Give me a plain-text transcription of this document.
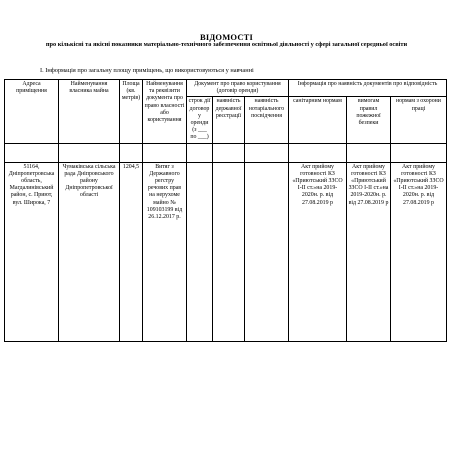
ВІДОМОСТІ
про кількісні та якісні показники матеріально-технічного забезпечення освітньої діяльності у сфері загальної середньої освіти
І. Інформація про загальну площу приміщень, що використовуються у навчанні
Адреса приміщення	Найменування власника майна	Площа (кв. метрів)	Найменування та реквізити документа про право власності або користування	Документ про право користування (договір оренди)			Інформація про наявність документів про відповідність		
				строк дії договору оренди (з ___ по ___)	наявність державної реєстрації	наявність нотаріального посвідчення	санітарним нормам	вимогам правил пожежної безпеки	нормам з охорони праці

51164, Дніпропетровська область, Магдалинівський район, с. Приют, вул. Широка, 7	Чумаківська сільська рада Дніпровського району Дніпропетровської області	1204,5	Витяг з Державного регстру речових прав на нерухоме майно № 109103199 від 26.12.2017 р.				Акт прийому готовності КЗ «Приютський ЗЗСО І-ІІ ст.»на 2019-2020н. р. від 27.08.2019 р	Акт прийому готовності КЗ «Приютський ЗЗСО І-ІІ ст.»на 2019-2020н. р. від 27.08.2019 р	Акт прийому готовності КЗ «Приютський ЗЗСО І-ІІ ст.»на 2019-2020н. р. від 27.08.2019 р
